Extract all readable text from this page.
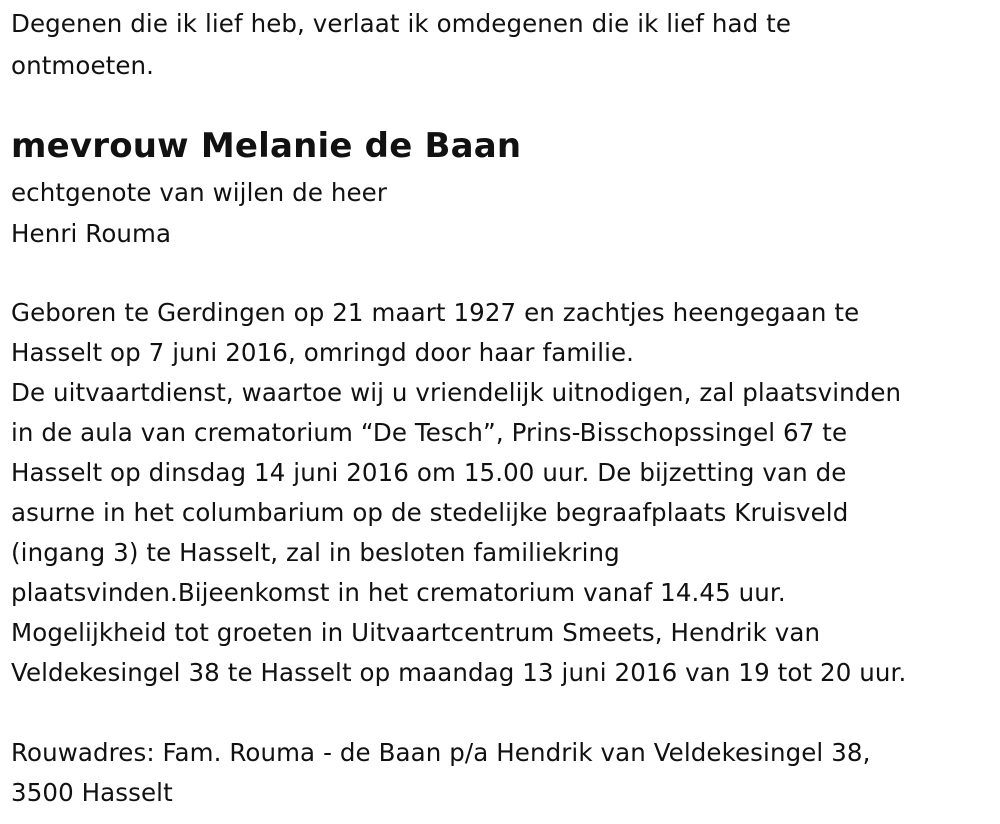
Degenen die ik lief heb, verlaat ik omdegenen die ik lief had te
ontmoeten.
mevrouw Melanie de Baan
echtgenote van wijlen de heer
Henri Rouma
Geboren te Gerdingen op 21 maart 1927 en zachtjes heengegaan te
Hasselt op 7 juni 2016, omringd door haar familie.
De uitvaartdienst, waartoe wij u vriendelijk uitnodigen, zal plaatsvinden
in de aula van crematorium “De Tesch”, Prins-Bisschopssingel 67 te
Hasselt op dinsdag 14 juni 2016 om 15.00 uur. De bijzetting van de
asurne in het columbarium op de stedelijke begraafplaats Kruisveld
(ingang 3) te Hasselt, zal in besloten familiekring
plaatsvinden.Bijeenkomst in het crematorium vanaf 14.45 uur.
Mogelijkheid tot groeten in Uitvaartcentrum Smeets, Hendrik van
Veldekesingel 38 te Hasselt op maandag 13 juni 2016 van 19 tot 20 uur.
Rouwadres: Fam. Rouma - de Baan p/a Hendrik van Veldekesingel 38,
3500 Hasselt
